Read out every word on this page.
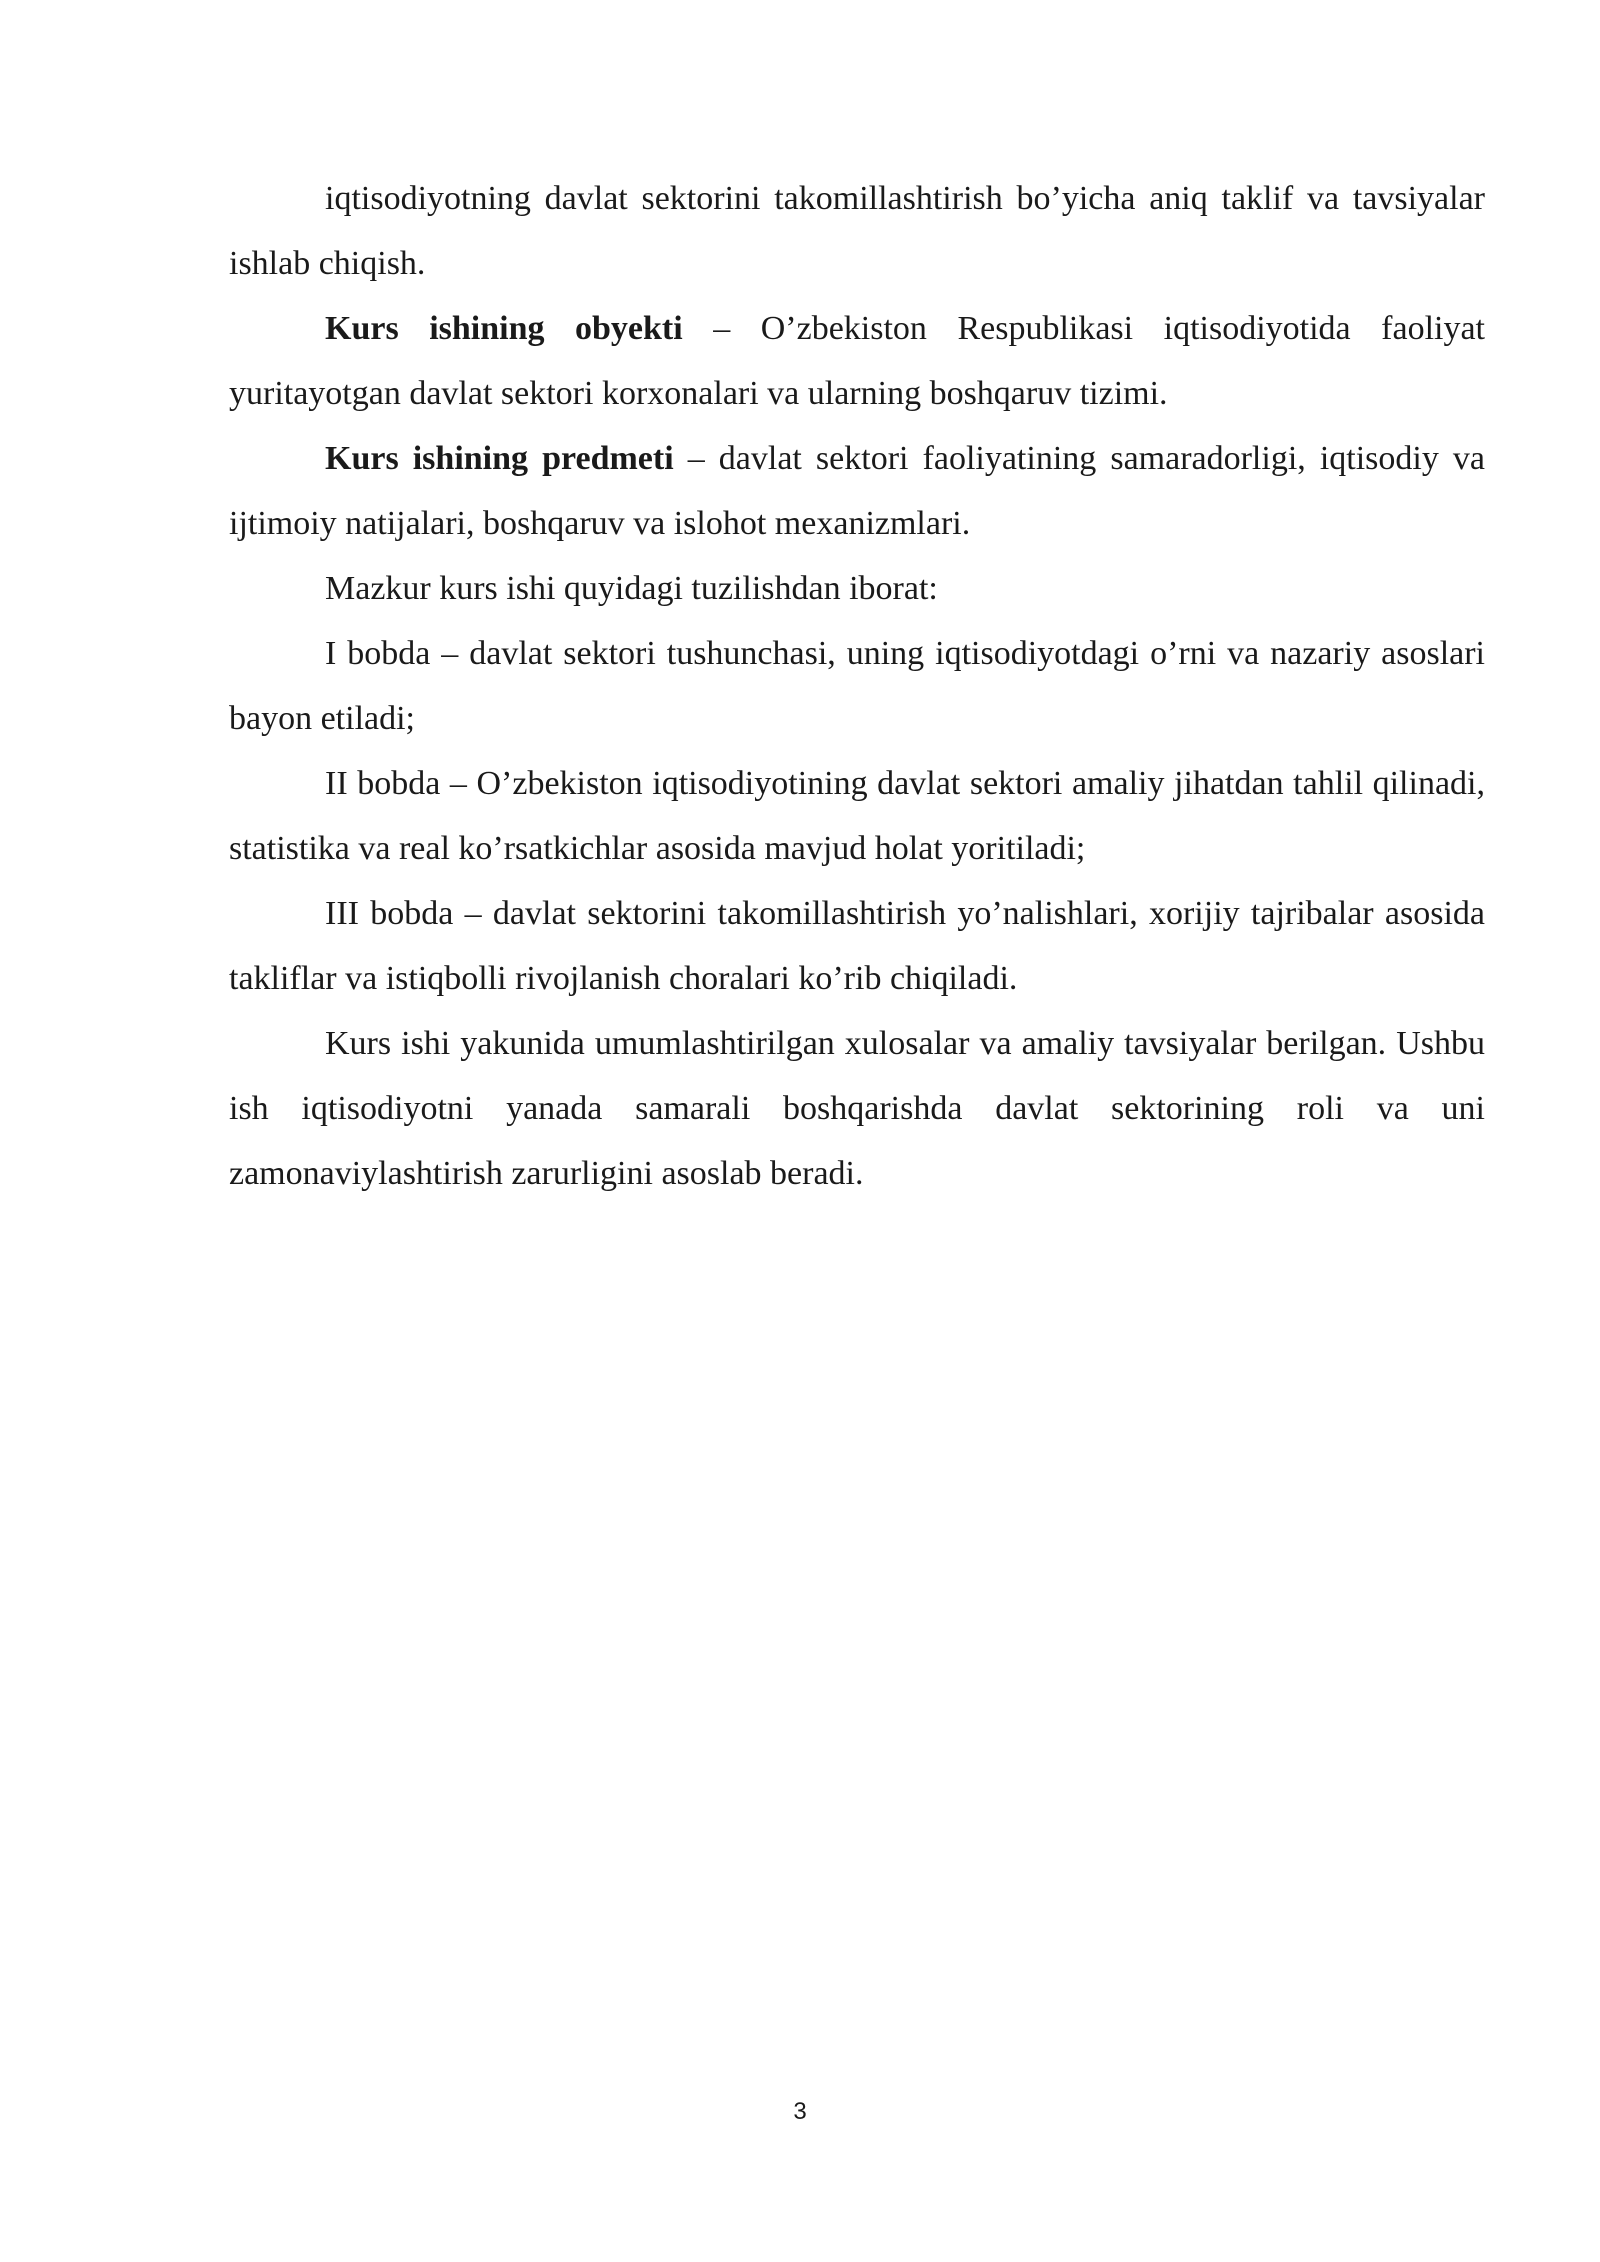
iqtisodiyotning davlat sektorini takomillashtirish bo’yicha aniq taklif va tavsiyalar ishlab chiqish.

Kurs ishining obyekti – O’zbekiston Respublikasi iqtisodiyotida faoliyat yuritayotgan davlat sektori korxonalari va ularning boshqaruv tizimi.

Kurs ishining predmeti – davlat sektori faoliyatining samaradorligi, iqtisodiy va ijtimoiy natijalari, boshqaruv va islohot mexanizmlari.

Mazkur kurs ishi quyidagi tuzilishdan iborat:

I bobda – davlat sektori tushunchasi, uning iqtisodiyotdagi o’rni va nazariy asoslari bayon etiladi;

II bobda – O’zbekiston iqtisodiyotining davlat sektori amaliy jihatdan tahlil qilinadi, statistika va real ko’rsatkichlar asosida mavjud holat yoritiladi;

III bobda – davlat sektorini takomillashtirish yo’nalishlari, xorijiy tajribalar asosida takliflar va istiqbolli rivojlanish choralari ko’rib chiqiladi.

Kurs ishi yakunida umumlashtirilgan xulosalar va amaliy tavsiyalar berilgan. Ushbu ish iqtisodiyotni yanada samarali boshqarishda davlat sektorining roli va uni zamonaviylashtirish zarurligini asoslab beradi.

3
